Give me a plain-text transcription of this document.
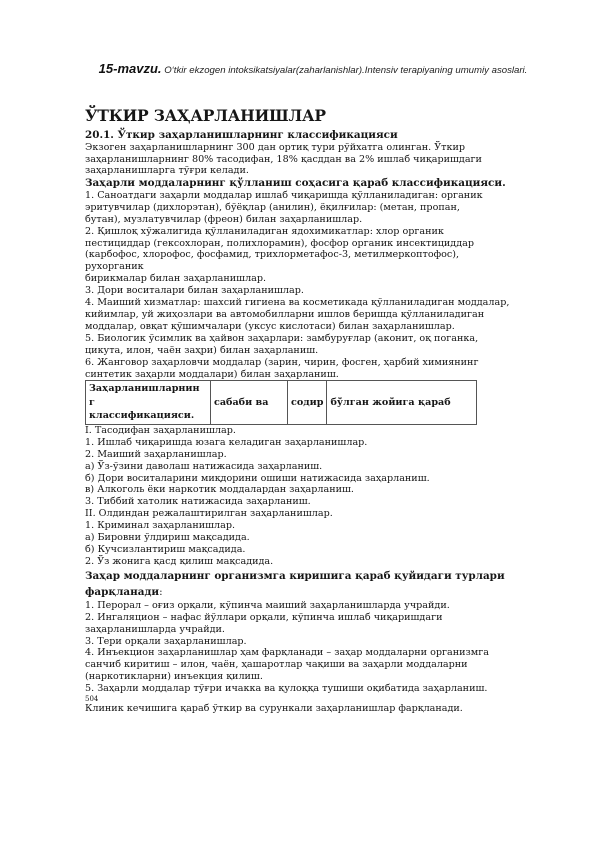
15-mavzu. O‘tkir ekzogen intoksikatsiyalar(zaharlanishlar).Intensiv terapiyaning umumiy asoslari.

ЎТКИР ЗАҲАРЛАНИШЛАР

20.1. Ўткир заҳарланишларнинг классификацияси

Экзоген заҳарланишларнинг 300 дан ортиқ тури рўйхатга олинган. Ўткир

заҳарланишларнинг 80% тасодифан, 18% қасддан ва 2% ишлаб чиқаришдаги

заҳарланишларга тўғри келади.

Заҳарли моддаларнинг қўлланиш соҳасига қараб классификацияси.

1. Саноатдаги заҳарли моддалар ишлаб чиқаришда қўлланиладиган: органик

эритувчилар (дихлорэтан), бўёқлар (анилин), ёқилғилар: (метан, пропан,

бутан), музлатувчилар (фреон) билан заҳарланишлар.

2. Қишлоқ хўжалигида қўлланиладиган ядохимикатлар: хлор органик

пестициддар (гексохлоран, полихлорамин), фосфор органик инсектициддар

(карбофос, хлорофос, фосфамид, трихлорметафос-3, метилмеркоптофос),

рухорганик

бирикмалар билан заҳарланишлар.

3. Дори воситалари билан заҳарланишлар.

4. Маиший хизматлар: шахсий гигиена ва косметикада қўлланиладиган моддалар,

кийимлар, уй жиҳозлари ва автомобилларни ишлов беришда қўлланиладиган

моддалар, овқат қўшимчалари (уксус кислотаси) билан заҳарланишлар.

5. Биологик ўсимлик ва ҳайвон заҳарлари: замбуруғлар (аконит, оқ поганка,

цикута, илон, чаён заҳри) билан заҳарланиш.

6. Жанговор заҳарловчи моддалар (зарин, чирин, фосген, ҳарбий химиянинг

синтетик заҳарли моддалари) билан заҳарланиш.

Заҳарланишларнин
г
классификацияси.
	сабаби ва	содир	бўлган жойига қараб

I. Тасодифан заҳарланишлар.

1. Ишлаб чиқаришда юзага келадиган заҳарланишлар.

2. Маиший заҳарланишлар.

а) Ўз-ўзини даволаш натижасида заҳарланиш.

б) Дори воситаларини миқдорини ошиши натижасида заҳарланиш.

в) Алкоголь ёки наркотик моддалардан заҳарланиш.

3. Тиббий хатолик натижасида заҳарланиш.

II. Олдиндан режалаштирилган заҳарланишлар.

1. Криминал заҳарланишлар.

а) Бировни ўлдириш мақсадида.

б) Кучсизлантириш мақсадида.

2. Ўз жонига қасд қилиш мақсадида.

Заҳар моддаларнинг организмга киришига қараб қуйидаги турлари
фарқланади:

1. Перорал – оғиз орқали, кўпинча маиший заҳарланишларда учрайди.

2. Ингаляцион – нафас йўллари орқали, кўпинча ишлаб чиқаришдаги

заҳарланишларда учрайди.

3. Тери орқали заҳарланишлар.

4. Инъекцион заҳарланишлар ҳам фарқланади – заҳар моддаларни организмга

санчиб киритиш – илон, чаён, ҳашаротлар чақиши ва заҳарли моддаларни

(наркотикларни) инъекция қилиш.

5. Заҳарли моддалар тўғри ичакка ва қулоққа тушиши оқибатида заҳарланиш.

504

Клиник кечишига қараб ўткир ва сурункали заҳарланишлар фарқланади.
